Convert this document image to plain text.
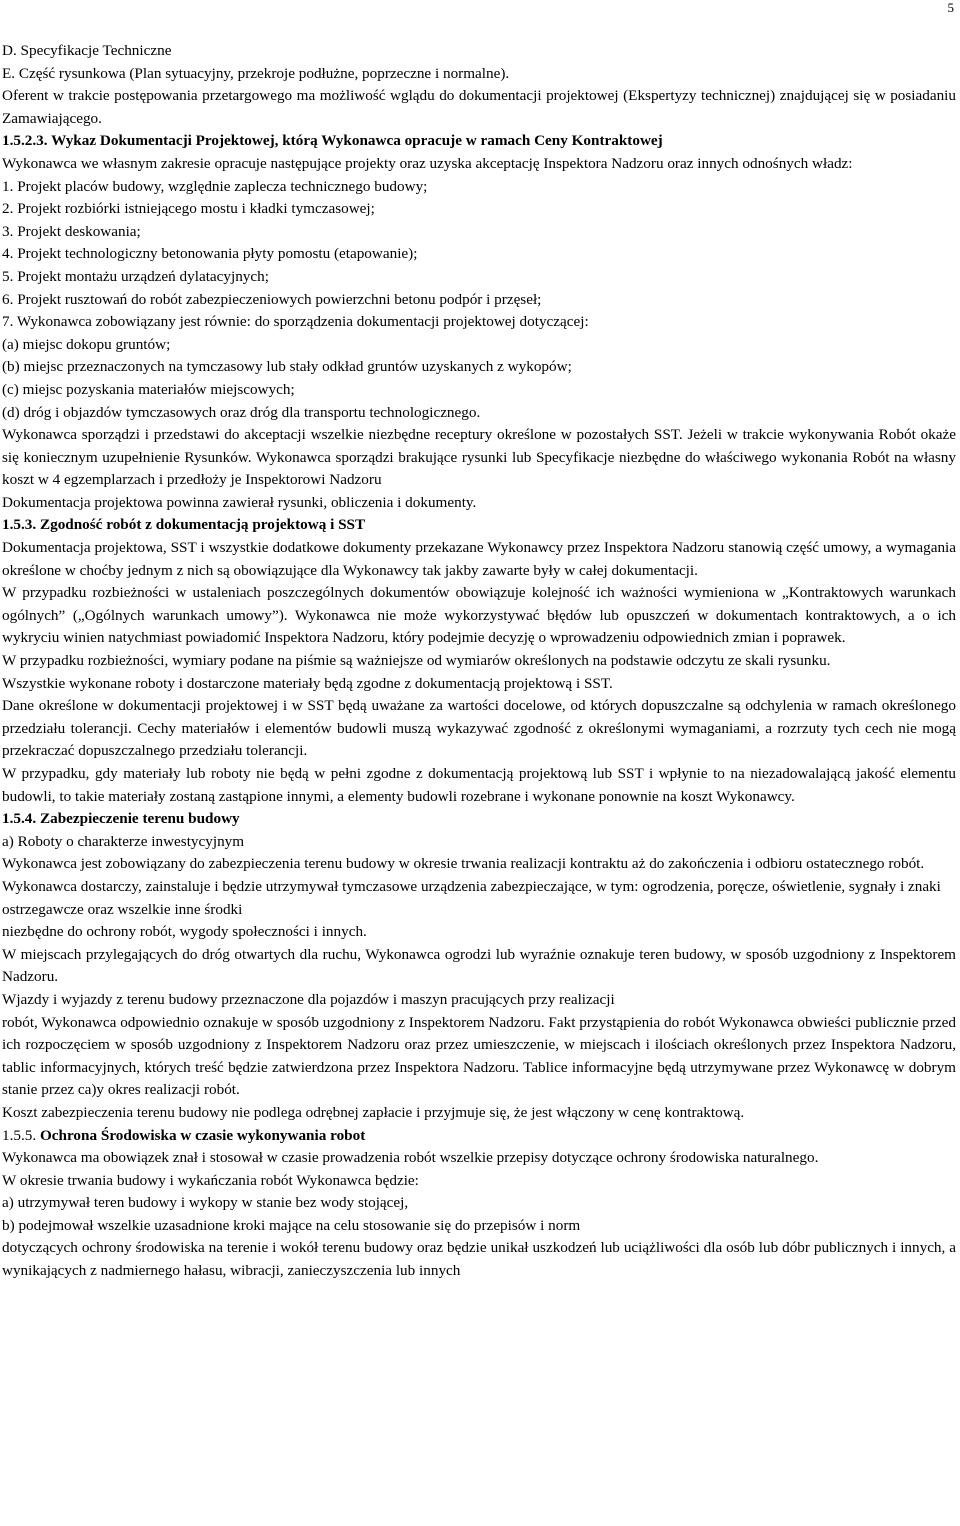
5

D. Specyfikacje Techniczne

E. Część rysunkowa (Plan sytuacyjny, przekroje podłużne, poprzeczne i normalne).

Oferent w trakcie postępowania przetargowego ma możliwość wglądu do dokumentacji projektowej (Ekspertyzy technicznej) znajdującej się w posiadaniu Zamawiającego.

1.5.2.3. Wykaz Dokumentacji Projektowej, którą Wykonawca opracuje w ramach Ceny Kontraktowej

Wykonawca we własnym zakresie opracuje następujące projekty oraz uzyska akceptację Inspektora Nadzoru oraz innych odnośnych władz:

1. Projekt placów budowy, względnie zaplecza technicznego budowy;

2. Projekt rozbiórki istniejącego mostu i kładki tymczasowej;

3. Projekt deskowania;

4. Projekt technologiczny betonowania płyty pomostu (etapowanie);

5. Projekt montażu urządzeń dylatacyjnych;

6. Projekt rusztowań do robót zabezpieczeniowych powierzchni betonu podpór i przęseł;

7. Wykonawca zobowiązany jest równie: do sporządzenia dokumentacji projektowej dotyczącej:

(a) miejsc dokopu gruntów;

(b) miejsc przeznaczonych na tymczasowy lub stały odkład gruntów uzyskanych z wykopów;

(c) miejsc pozyskania materiałów miejscowych;

(d) dróg i objazdów tymczasowych oraz dróg dla transportu technologicznego.

Wykonawca sporządzi i przedstawi do akceptacji wszelkie niezbędne receptury określone w pozostałych SST. Jeżeli w trakcie wykonywania Robót okaże się koniecznym uzupełnienie Rysunków. Wykonawca sporządzi brakujące rysunki lub Specyfikacje niezbędne do właściwego wykonania Robót na własny koszt w 4 egzemplarzach i przedłoży je Inspektorowi Nadzoru

Dokumentacja projektowa powinna zawierał rysunki, obliczenia i dokumenty.

1.5.3. Zgodność robót z dokumentacją projektową i SST

Dokumentacja projektowa, SST i wszystkie dodatkowe dokumenty przekazane Wykonawcy przez Inspektora Nadzoru stanowią część umowy, a wymagania określone w choćby jednym z nich są obowiązujące dla Wykonawcy tak jakby zawarte były w całej dokumentacji.

W przypadku rozbieżności w ustaleniach poszczególnych dokumentów obowiązuje kolejność ich ważności wymieniona w „Kontraktowych warunkach ogólnych” („Ogólnych warunkach umowy”). Wykonawca nie może wykorzystywać błędów lub opuszczeń w dokumentach kontraktowych, a o ich wykryciu winien natychmiast powiadomić Inspektora Nadzoru, który podejmie decyzję o wprowadzeniu odpowiednich zmian i poprawek.

W przypadku rozbieżności, wymiary podane na piśmie są ważniejsze od wymiarów określonych na podstawie odczytu ze skali rysunku.

Wszystkie wykonane roboty i dostarczone materiały będą zgodne z dokumentacją projektową i SST.

Dane określone w dokumentacji projektowej i w SST będą uważane za wartości docelowe, od których dopuszczalne są odchylenia w ramach określonego przedziału tolerancji. Cechy materiałów i elementów budowli muszą wykazywać zgodność z określonymi wymaganiami, a rozrzuty tych cech nie mogą przekraczać dopuszczalnego przedziału tolerancji.

W przypadku, gdy materiały lub roboty nie będą w pełni zgodne z dokumentacją projektową lub SST i wpłynie to na niezadowalającą jakość elementu budowli, to takie materiały zostaną zastąpione innymi, a elementy budowli rozebrane i wykonane ponownie na koszt Wykonawcy.

1.5.4. Zabezpieczenie terenu budowy

a) Roboty o charakterze inwestycyjnym

Wykonawca jest zobowiązany do zabezpieczenia terenu budowy w okresie trwania realizacji kontraktu aż do zakończenia i odbioru ostatecznego robót.

Wykonawca dostarczy, zainstaluje i będzie utrzymywał tymczasowe urządzenia zabezpieczające, w tym: ogrodzenia, poręcze, oświetlenie, sygnały i znaki ostrzegawcze oraz wszelkie inne środki

niezbędne do ochrony robót, wygody społeczności i innych.

W miejscach przylegających do dróg otwartych dla ruchu, Wykonawca ogrodzi lub wyraźnie oznakuje teren budowy, w sposób uzgodniony z Inspektorem Nadzoru.

Wjazdy i wyjazdy z terenu budowy przeznaczone dla pojazdów i maszyn pracujących przy realizacji

robót, Wykonawca odpowiednio oznakuje w sposób uzgodniony z Inspektorem Nadzoru. Fakt przystąpienia do robót Wykonawca obwieści publicznie przed ich rozpoczęciem w sposób uzgodniony z Inspektorem Nadzoru oraz przez umieszczenie, w miejscach i ilościach określonych przez Inspektora Nadzoru, tablic informacyjnych, których treść będzie zatwierdzona przez Inspektora Nadzoru. Tablice informacyjne będą utrzymywane przez Wykonawcę w dobrym stanie przez ca)y okres realizacji robót.

Koszt zabezpieczenia terenu budowy nie podlega odrębnej zapłacie i przyjmuje się, że jest włączony w cenę kontraktową.

1.5.5. Ochrona Środowiska w czasie wykonywania robot

Wykonawca ma obowiązek znał i stosował w czasie prowadzenia robót wszelkie przepisy dotyczące ochrony środowiska naturalnego.

W okresie trwania budowy i wykańczania robót Wykonawca będzie:

a) utrzymywał teren budowy i wykopy w stanie bez wody stojącej,

b) podejmował wszelkie uzasadnione kroki mające na celu stosowanie się do przepisów i norm

dotyczących ochrony środowiska na terenie i wokół terenu budowy oraz będzie unikał uszkodzeń lub uciążliwości dla osób lub dóbr publicznych i innych, a wynikających z nadmiernego hałasu, wibracji, zanieczyszczenia lub innych
